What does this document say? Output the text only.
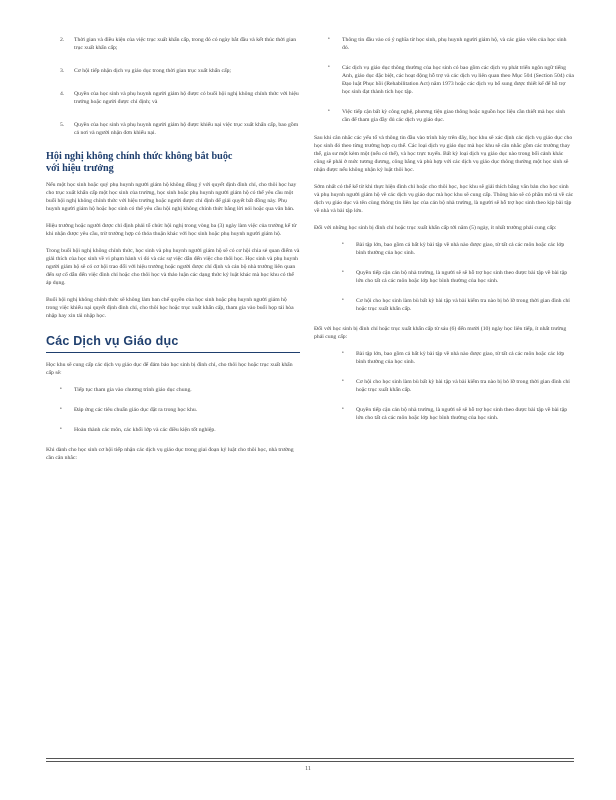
2. Thời gian và điều kiện của việc trục xuất khẩn cấp, trong đó có ngày bắt đầu và kết thúc thời gian trục xuất khẩn cấp;
3. Cơ hội tiếp nhận dịch vụ giáo dục trong thời gian trục xuất khẩn cấp;
4. Quyền của học sinh và phụ huynh người giám hộ được có buổi hội nghị không chính thức với hiệu trưởng hoặc người được chỉ định; và
5. Quyền của học sinh và phụ huynh người giám hộ được khiếu nại việc trục xuất khẩn cấp, bao gồm cả nơi và người nhận đơn khiếu nại.
Hội nghị không chính thức không bắt buộc
với hiệu trưởng

Nếu một học sinh hoặc quý phụ huynh người giám hộ không đồng ý với quyết định đình chỉ, cho thôi học hay cho trục xuất khẩn cấp một học sinh của trường, học sinh hoặc phụ huynh người giám hộ có thể yêu cầu một buổi hội nghị không chính thức với hiệu trưởng hoặc người được chỉ định để giải quyết bất đồng này. Phụ huynh người giám hộ hoặc học sinh có thể yêu cầu hội nghị không chính thức bằng lời nói hoặc qua văn bản.

Hiệu trưởng hoặc người được chỉ định phải tổ chức hội nghị trong vòng ba (3) ngày làm việc của trường kể từ khi nhận được yêu cầu, trừ trường hợp có thỏa thuận khác với học sinh hoặc phụ huynh người giám hộ.

Trong buổi hội nghị không chính thức, học sinh và phụ huynh người giám hộ sẽ có cơ hội chia sẻ quan điểm và giải thích của học sinh về vi phạm hành vi đó và các sự việc dẫn đến việc cho thôi học. Học sinh và phụ huynh người giám hộ sẽ có cơ hội trao đổi với hiệu trưởng hoặc người được chỉ định và cán bộ nhà trường liên quan đến sự cố dẫn đến việc đình chỉ hoặc cho thôi học và thảo luận các dạng thức kỷ luật khác mà học khu có thể áp dụng.

Buổi hội nghị không chính thức sẽ không làm ban chế quyền của học sinh hoặc phụ huynh người giám hộ trong việc khiếu nại quyết định đình chỉ, cho thôi học hoặc trục xuất khẩn cấp, tham gia vào buổi họp tái hòa nhập hay xin tái nhập học.

Các Dịch vụ Giáo dục

Học khu sẽ cung cấp các dịch vụ giáo dục để đảm bảo học sinh bị đình chỉ, cho thôi học hoặc trục xuất khẩn cấp sẽ:

• Tiếp tục tham gia vào chương trình giáo dục chung.
• Đáp ứng các tiêu chuẩn giáo dục đặt ra trong học khu.
• Hoàn thành các môn, các khối lớp và các điều kiện tốt nghiệp.

Khi dành cho học sinh cơ hội tiếp nhận các dịch vụ giáo dục trong giai đoạn kỷ luật cho thôi học, nhà trường cần cân nhắc:

• Thông tin đầu vào có ý nghĩa từ học sinh, phụ huynh người giám hộ, và các giáo viên của học sinh đó.
• Các dịch vụ giáo dục thông thường của học sinh có bao gồm các dịch vụ phát triển ngôn ngữ tiếng Anh, giáo dục đặc biệt, các hoạt động hỗ trợ và các dịch vụ liên quan theo Mục 504 (Section 504) của Đạo luật Phục hồi (Rehabilitation Act) năm 1973 hoặc các dịch vụ bổ sung được thiết kế để hỗ trợ học sinh đạt thành tích học tập.
• Việc tiếp cận bất kỳ công nghệ, phương tiện giao thông hoặc nguồn học liệu cần thiết mà học sinh cần để tham gia đầy đủ các dịch vụ giáo dục.

Sau khi cân nhắc các yếu tố và thông tin đầu vào trình bày trên đây, học khu sẽ xác định các dịch vụ giáo dục cho học sinh đó theo từng trường hợp cụ thể. Các loại dịch vụ giáo dục mà học khu sẽ cân nhắc gồm các trường thay thế, gia sư một kèm một (nếu có thể), và học trực tuyến. Bất kỳ loại dịch vụ giáo dục nào trong bối cảnh khác cũng sẽ phải ở mức tương đương, công bằng và phù hợp với các dịch vụ giáo dục thông thường một học sinh sẽ nhận được nếu không nhận kỷ luật thôi học.

Sớm nhất có thể kể từ khi thực hiện đình chỉ hoặc cho thôi học, học khu sẽ giải thích bằng văn bản cho học sinh và phụ huynh người giám hộ về các dịch vụ giáo dục mà học khu sẽ cung cấp. Thông báo sẽ có phần mô tả về các dịch vụ giáo dục và tên cùng thông tin liên lạc của cán bộ nhà trường, là người sẽ hỗ trợ học sinh theo kịp bài tập về nhà và bài tập lớn.

Đối với những học sinh bị đình chỉ hoặc trục xuất khẩn cấp tới năm (5) ngày, ít nhất trường phải cung cấp:

• Bài tập lớn, bao gồm cả bất kỳ bài tập về nhà nào được giao, từ tất cả các môn hoặc các lớp bình thường của học sinh.
• Quyền tiếp cận cán bộ nhà trường, là người sẽ sẽ hỗ trợ học sinh theo được bài tập về bài tập lớn cho tất cả các môn hoặc lớp học bình thường của học sinh.
• Cơ hội cho học sinh làm bù bất kỳ bài tập và bài kiểm tra nào bị bỏ lỡ trong thời gian đình chỉ hoặc trục xuất khẩn cấp.

Đối với học sinh bị đình chỉ hoặc trục xuất khẩn cấp từ sáu (6) đến mười (10) ngày học liên tiếp, ít nhất trường phải cung cấp:

• Bài tập lớn, bao gồm cả bất kỳ bài tập về nhà nào được giao, từ tất cả các môn hoặc các lớp bình thường của học sinh.
• Cơ hội cho học sinh làm bù bất kỳ bài tập và bài kiểm tra nào bị bỏ lỡ trong thời gian đình chỉ hoặc trục xuất khẩn cấp.
• Quyền tiếp cận cán bộ nhà trường, là người sẽ sẽ hỗ trợ học sinh theo được bài tập về bài tập lớn cho tất cả các môn hoặc lớp học bình thường của học sinh.
11
